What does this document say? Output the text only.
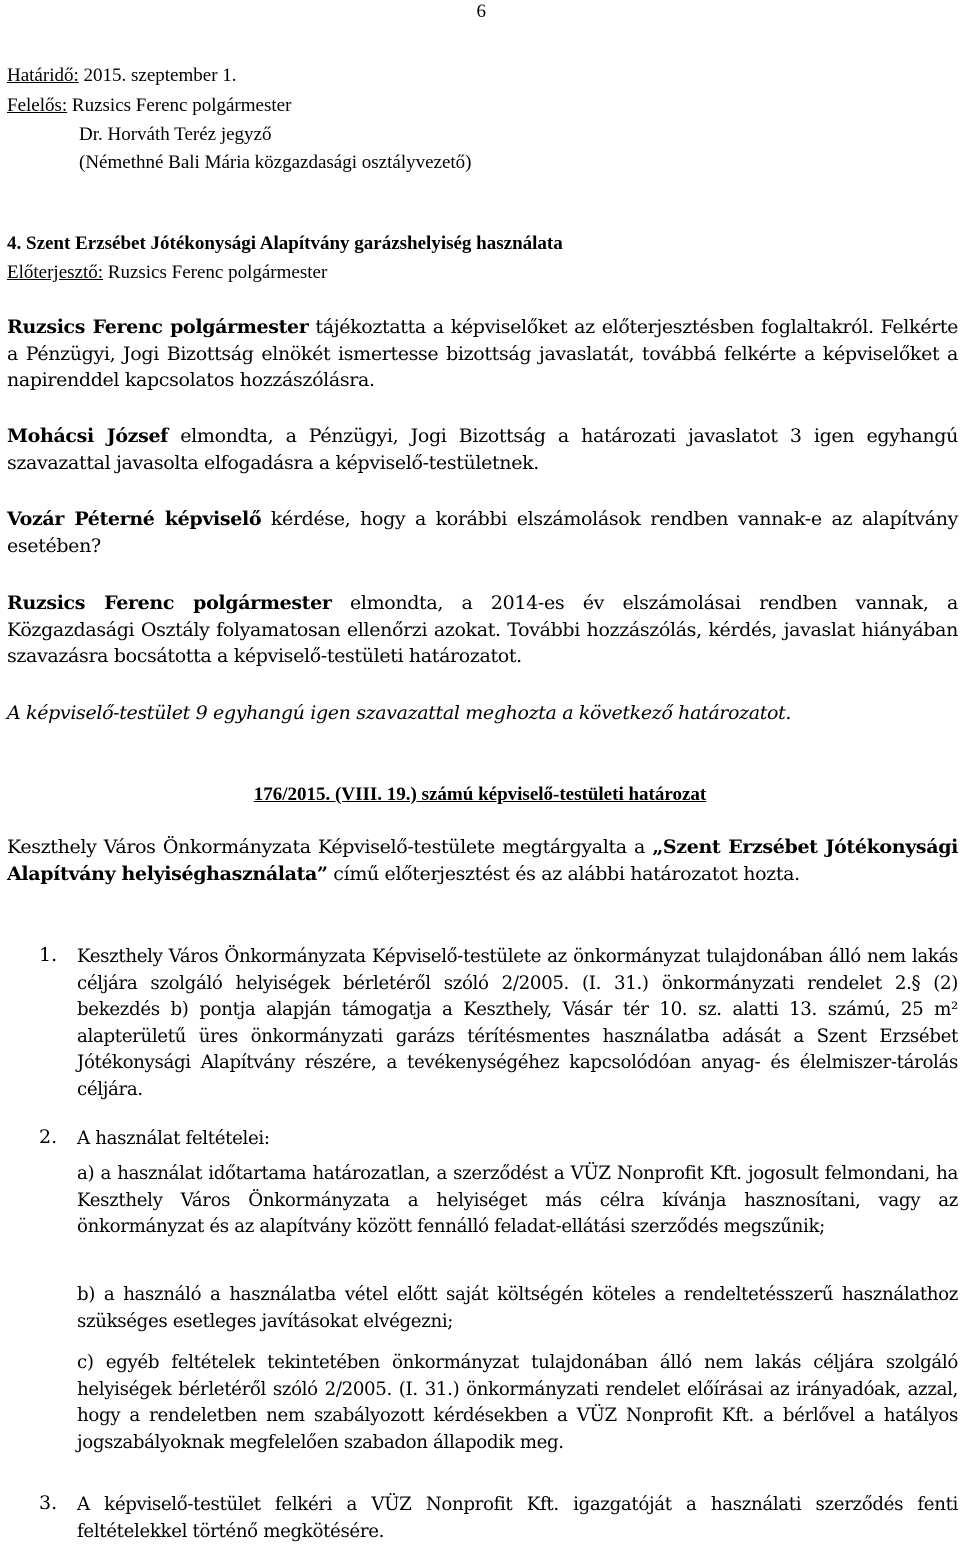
6
Határidő: 2015. szeptember 1.
Felelős: Ruzsics Ferenc polgármester
Dr. Horváth Teréz jegyző
(Némethné Bali Mária közgazdasági osztályvezető)
4. Szent Erzsébet Jótékonysági Alapítvány garázshelyiség használata
Előterjesztő: Ruzsics Ferenc polgármester
Ruzsics Ferenc polgármester tájékoztatta a képviselőket az előterjesztésben foglaltakról. Felkérte a Pénzügyi, Jogi Bizottság elnökét ismertesse bizottság javaslatát, továbbá felkérte a képviselőket a napirenddel kapcsolatos hozzászólásra.
Mohácsi József elmondta, a Pénzügyi, Jogi Bizottság a határozati javaslatot 3 igen egyhangú szavazattal javasolta elfogadásra a képviselő-testületnek.
Vozár Péterné képviselő kérdése, hogy a korábbi elszámolások rendben vannak-e az alapítvány esetében?
Ruzsics Ferenc polgármester elmondta, a 2014-es év elszámolásai rendben vannak, a Közgazdasági Osztály folyamatosan ellenőrzi azokat. További hozzászólás, kérdés, javaslat hiányában szavazásra bocsátotta a képviselő-testületi határozatot.
A képviselő-testület 9 egyhangú igen szavazattal meghozta a következő határozatot.
176/2015. (VIII. 19.) számú képviselő-testületi határozat
Keszthely Város Önkormányzata Képviselő-testülete megtárgyalta a „Szent Erzsébet Jótékonysági Alapítvány helyiséghasználata” című előterjesztést és az alábbi határozatot hozta.
1. Keszthely Város Önkormányzata Képviselő-testülete az önkormányzat tulajdonában álló nem lakás céljára szolgáló helyiségek bérletéről szóló 2/2005. (I. 31.) önkormányzati rendelet 2.§ (2) bekezdés b) pontja alapján támogatja a Keszthely, Vásár tér 10. sz. alatti 13. számú, 25 m² alapterületű üres önkormányzati garázs térítésmentes használatba adását a Szent Erzsébet Jótékonysági Alapítvány részére, a tevékenységéhez kapcsolódóan anyag- és élelmiszer-tárolás céljára.
2. A használat feltételei:
3. A képviselő-testület felkéri a VÜZ Nonprofit Kft. igazgatóját a használati szerződés fenti feltételekkel történő megkötésére.
a) a használat időtartama határozatlan, a szerződést a VÜZ Nonprofit Kft. jogosult felmondani, ha Keszthely Város Önkormányzata a helyiséget más célra kívánja hasznosítani, vagy az önkormányzat és az alapítvány között fennálló feladat-ellátási szerződés megszűnik;
b) a használó a használatba vétel előtt saját költségén köteles a rendeltetésszerű használathoz szükséges esetleges javításokat elvégezni;
c) egyéb feltételek tekintetében önkormányzat tulajdonában álló nem lakás céljára szolgáló helyiségek bérletéről szóló 2/2005. (I. 31.) önkormányzati rendelet előírásai az irányadóak, azzal, hogy a rendeletben nem szabályozott kérdésekben a VÜZ Nonprofit Kft. a bérlővel a hatályos jogszabályoknak megfelelően szabadon állapodik meg.
